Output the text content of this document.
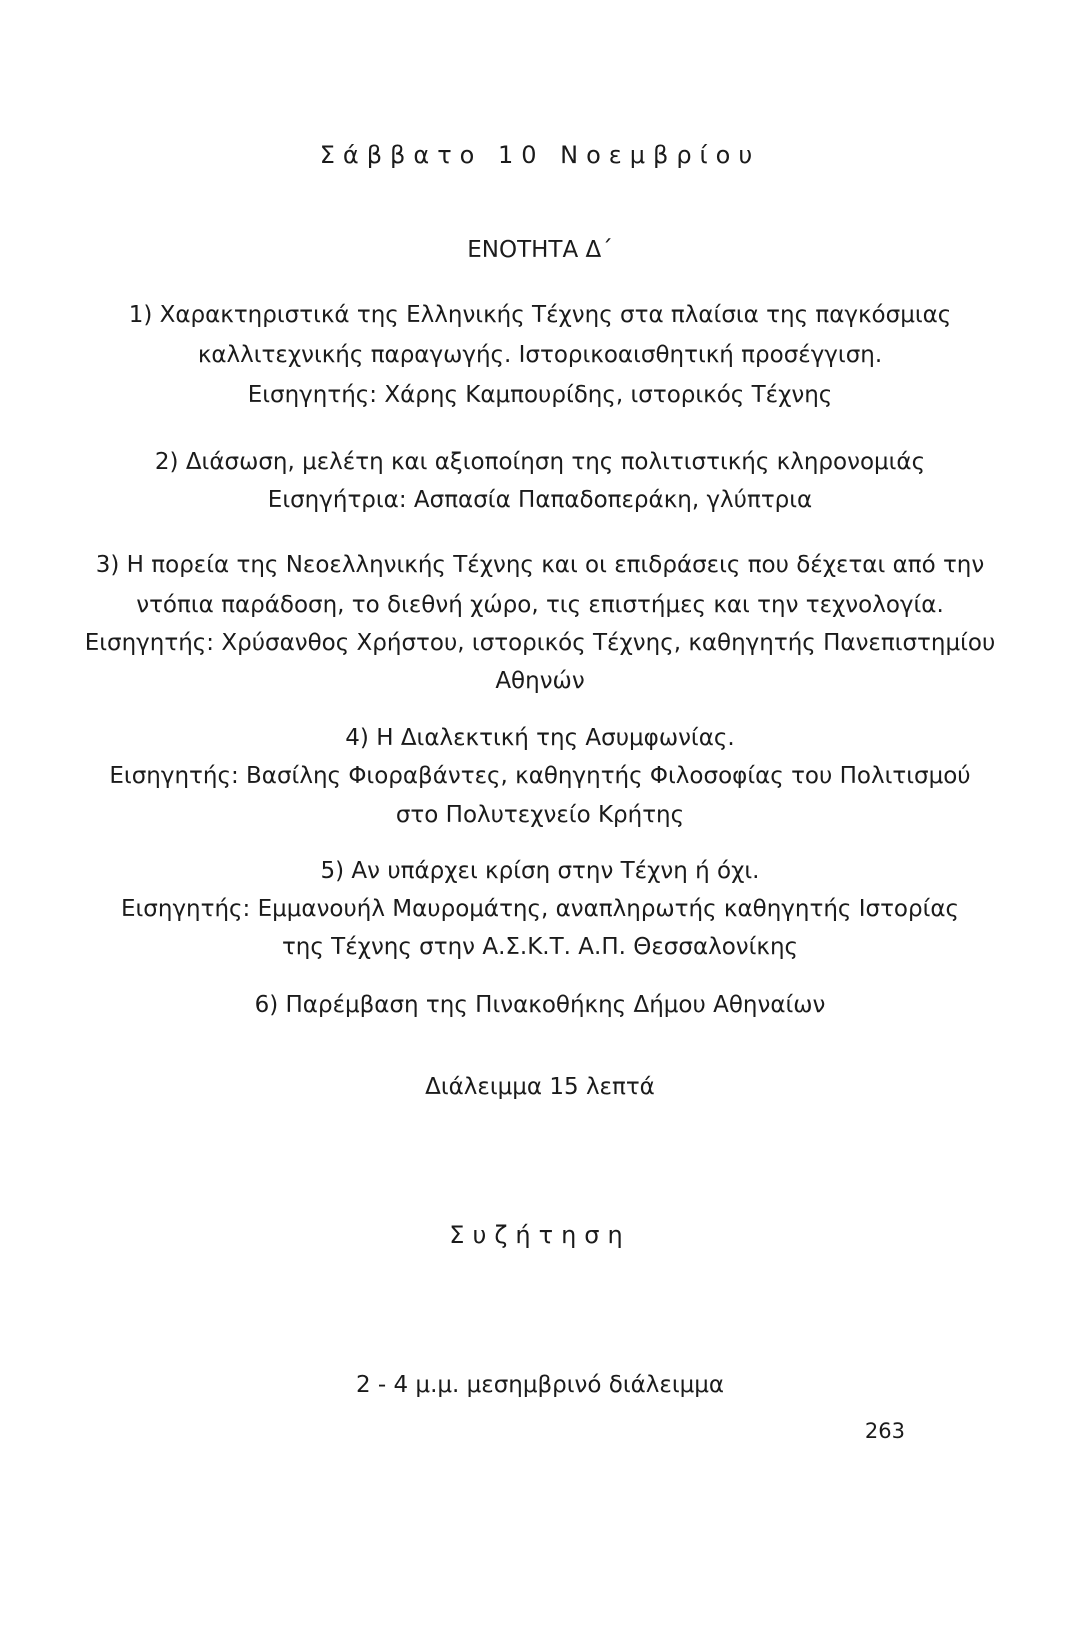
Σάββατο 10 Νοεμβρίου
ΕΝΟΤΗΤΑ Δ΄
1) Χαρακτηριστικά της Ελληνικής Τέχνης στα πλαίσια της παγκόσμιας
καλλιτεχνικής παραγωγής. Ιστορικοαισθητική προσέγγιση.
Εισηγητής: Χάρης Καμπουρίδης, ιστορικός Τέχνης
2) Διάσωση, μελέτη και αξιοποίηση της πολιτιστικής κληρονομιάς
Εισηγήτρια: Ασπασία Παπαδοπεράκη, γλύπτρια
3) Η πορεία της Νεοελληνικής Τέχνης και οι επιδράσεις που δέχεται από την
ντόπια παράδοση, το διεθνή χώρο, τις επιστήμες και την τεχνολογία.
Εισηγητής: Χρύσανθος Χρήστου, ιστορικός Τέχνης, καθηγητής Πανεπιστημίου
Αθηνών
4) Η Διαλεκτική της Ασυμφωνίας.
Εισηγητής: Βασίλης Φιοραβάντες, καθηγητής Φιλοσοφίας του Πολιτισμού
στο Πολυτεχνείο Κρήτης
5) Αν υπάρχει κρίση στην Τέχνη ή όχι.
Εισηγητής: Εμμανουήλ Μαυρομάτης, αναπληρωτής καθηγητής Ιστορίας
της Τέχνης στην Α.Σ.Κ.Τ. Α.Π. Θεσσαλονίκης
6) Παρέμβαση της Πινακοθήκης Δήμου Αθηναίων
Διάλειμμα 15 λεπτά
Συζήτηση
2 - 4 μ.μ. μεσημβρινό διάλειμμα
263
